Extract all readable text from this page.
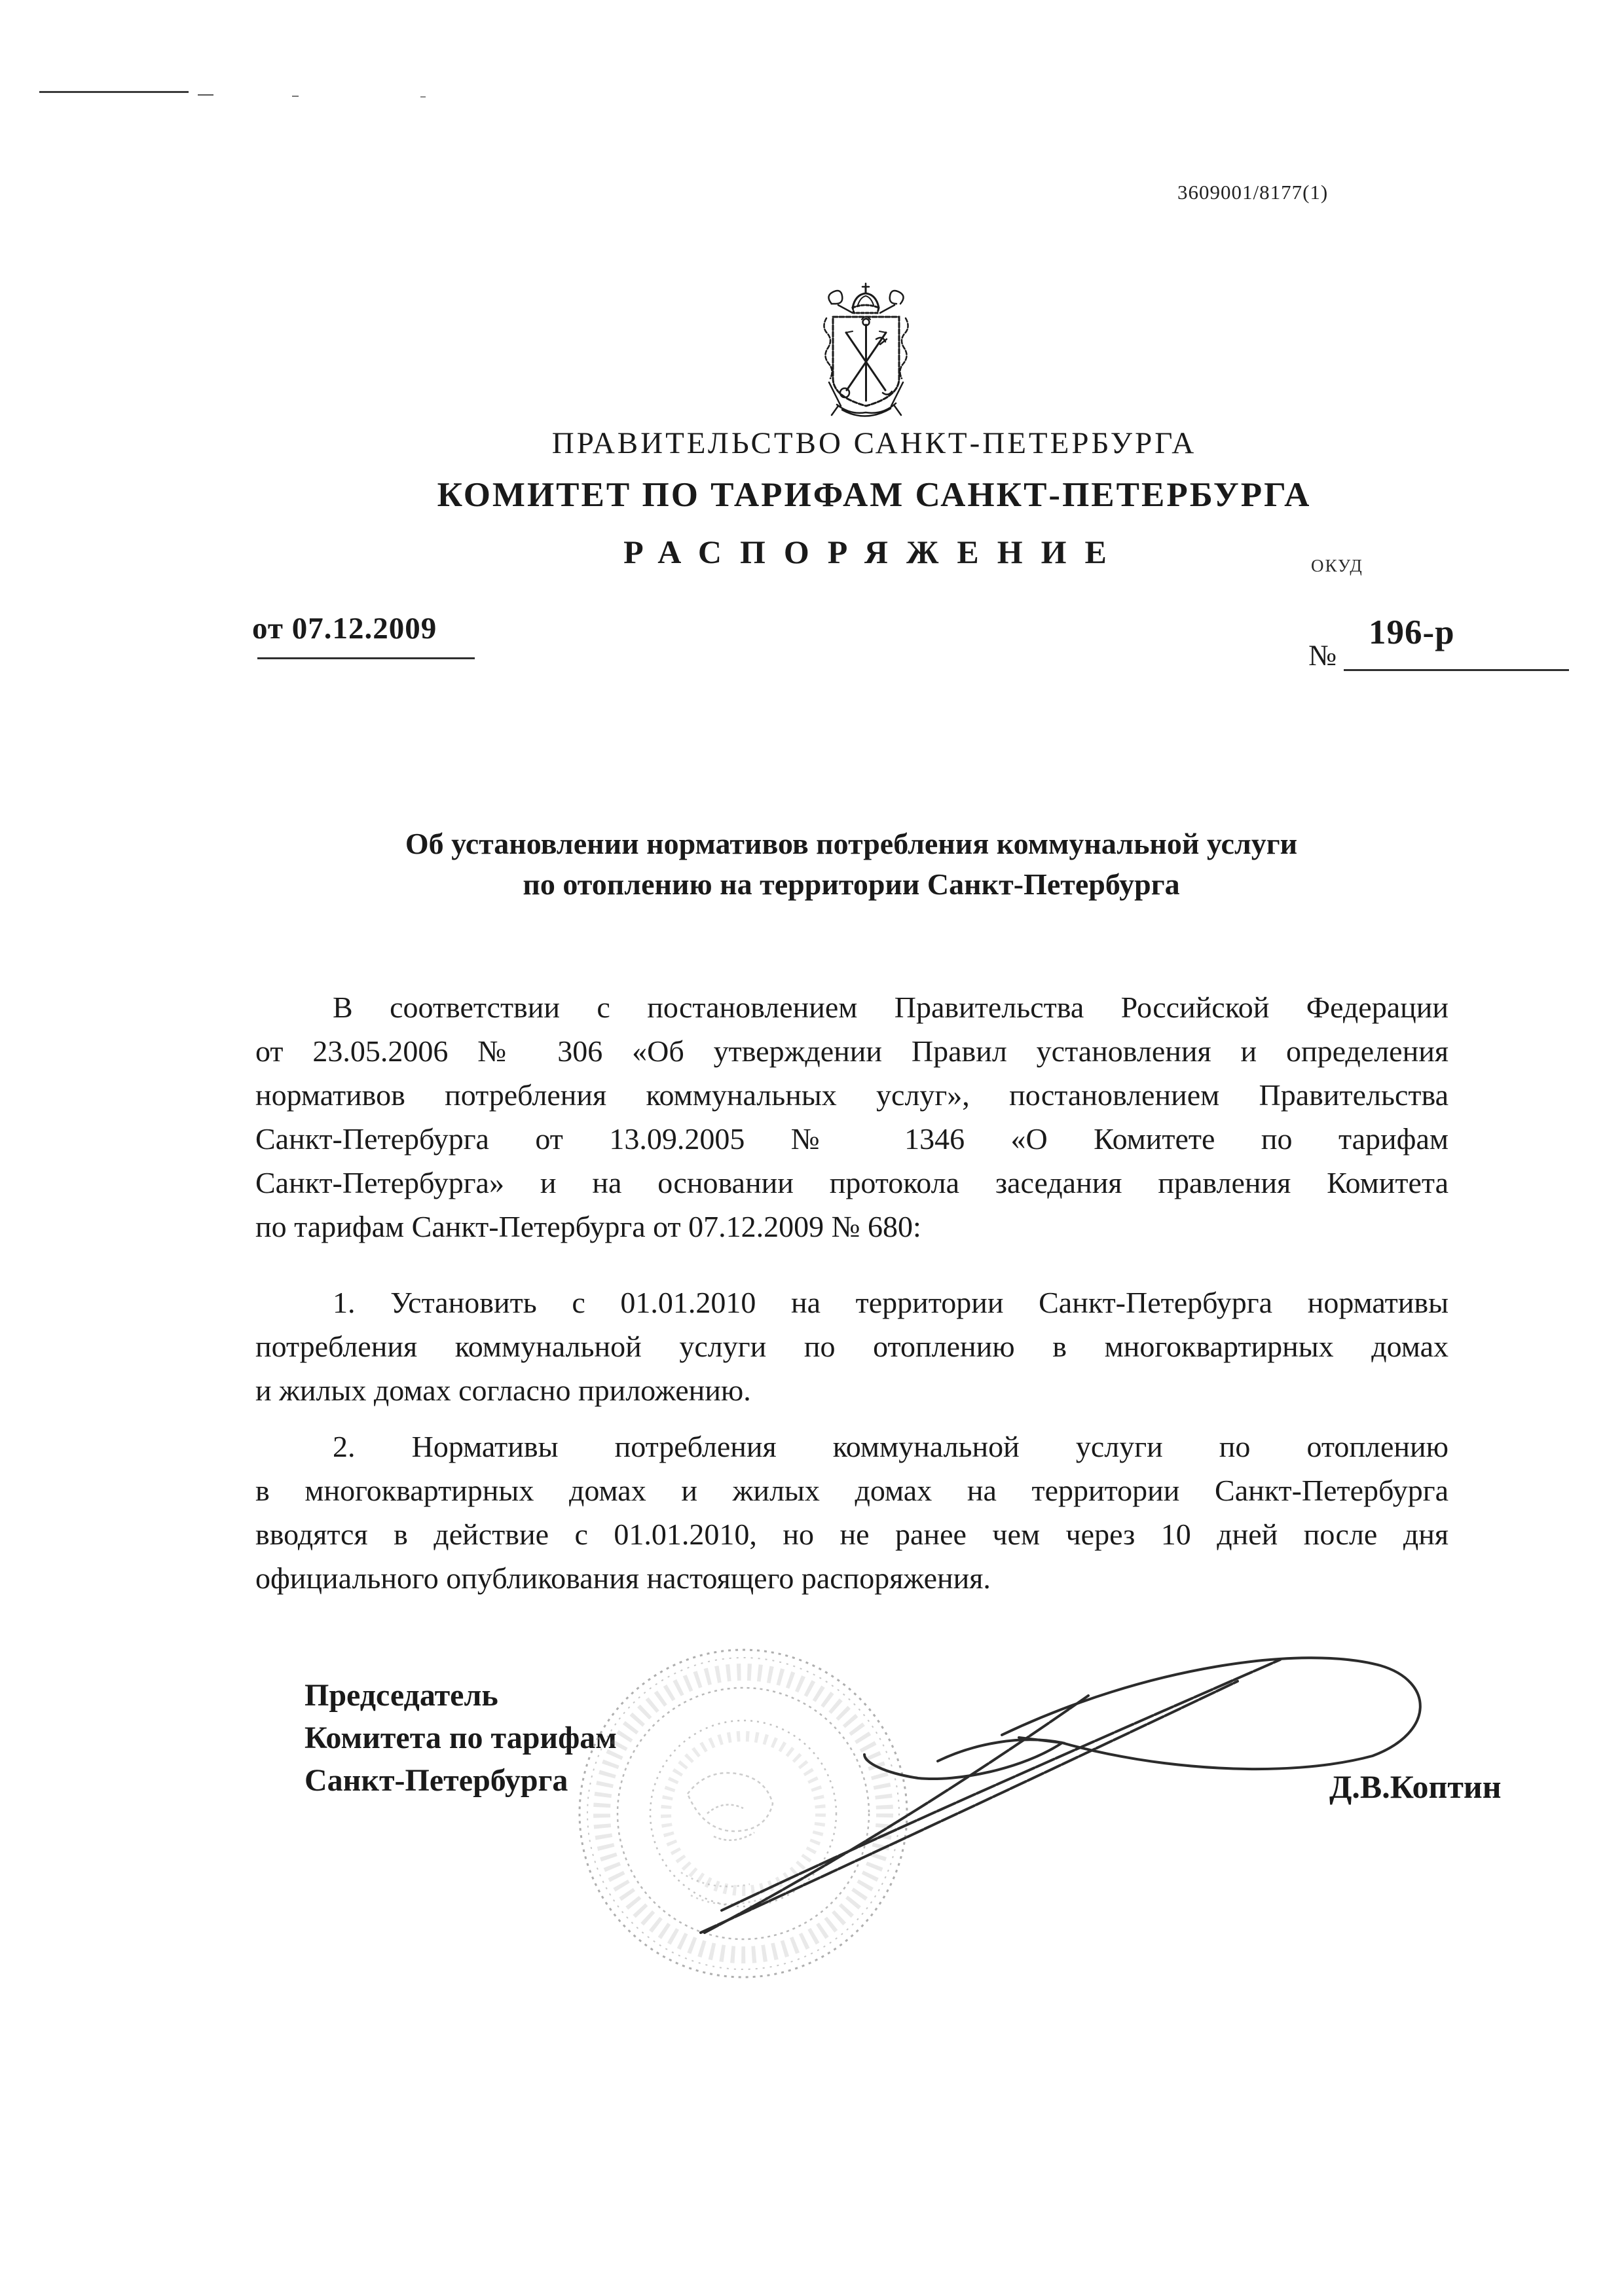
3609001/8177(1)
ПРАВИТЕЛЬСТВО САНКТ-ПЕТЕРБУРГА
КОМИТЕТ ПО ТАРИФАМ САНКТ-ПЕТЕРБУРГА
РАСПОРЯЖЕНИЕ	ОКУД
от 07.12.2009
№
196-р
Об установлении нормативов потребления коммунальной услуги
по отоплению на территории Санкт-Петербурга
В соответствии с постановлением Правительства Российской Федерации
от 23.05.2006 № 306 «Об утверждении Правил установления и определения
нормативов потребления коммунальных услуг», постановлением Правительства
Санкт-Петербурга от 13.09.2005 № 1346 «О Комитете по тарифам
Санкт-Петербурга» и на основании протокола заседания правления Комитета
по тарифам Санкт-Петербурга от 07.12.2009 № 680:
1. Установить с 01.01.2010 на территории Санкт-Петербурга нормативы
потребления коммунальной услуги по отоплению в многоквартирных домах
и жилых домах согласно приложению.
2. Нормативы потребления коммунальной услуги по отоплению
в многоквартирных домах и жилых домах на территории Санкт-Петербурга
вводятся в действие с 01.01.2010, но не ранее чем через 10 дней после дня
официального опубликования настоящего распоряжения.
Председатель
Комитета по тарифам
Санкт-Петербурга	Д.В.Коптин
